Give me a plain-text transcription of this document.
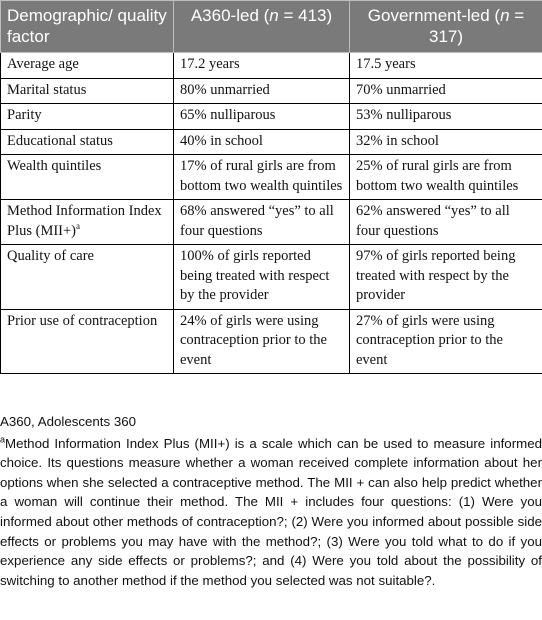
Demographic/ quality factor	A360-led (n = 413)	Government-led (n = 317)
Average age	17.2 years	17.5 years
Marital status	80% unmarried	70% unmarried
Parity	65% nulliparous	53% nulliparous
Educational status	40% in school	32% in school
Wealth quintiles	17% of rural girls are from bottom two wealth quintiles	25% of rural girls are from bottom two wealth quintiles
Method Information Index Plus $(MII+)^a$	68% answered “yes” to all four questions	62% answered “yes” to all four questions
Quality of care	100% of girls reported being treated with respect by the provider	97% of girls reported being treated with respect by the provider
Prior use of contraception	24% of girls were using contraception prior to the event	27% of girls were using contraception prior to the event

A360, Adolescents 360

$^a$Method Information Index Plus (MII+) is a scale which can be used to measure informed choice. Its questions measure whether a woman received complete information about her options when she selected a contraceptive method. The MII + can also help predict whether a woman will continue their method. The MII + includes four questions: (1) Were you informed about other methods of contraception?; (2) Were you informed about possible side effects or problems you may have with the method?; (3) Were you told what to do if you experience any side effects or problems?; and (4) Were you told about the possibility of switching to another method if the method you selected was not suitable?.
